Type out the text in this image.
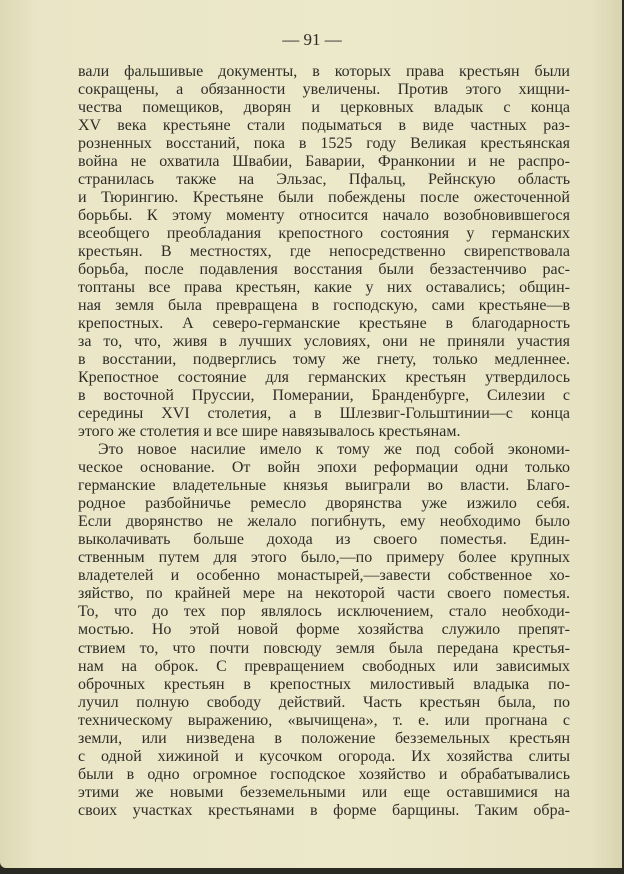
— 91 —
вали фальшивые документы, в которых права крестьян были
сокращены, а обязанности увеличены. Против этого хищни-
чества помещиков, дворян и церковных владык с конца
XV века крестьяне стали подыматься в виде частных раз-
розненных восстаний, пока в 1525 году Великая крестьянская
война не охватила Швабии, Баварии, Франконии и не распро-
странилась также на Эльзас, Пфальц, Рейнскую область
и Тюрингию. Крестьяне были побеждены после ожесточенной
борьбы. К этому моменту относится начало возобновившегося
всеобщего преобладания крепостного состояния у германских
крестьян. В местностях, где непосредственно свирепствовала
борьба, после подавления восстания были беззастенчиво рас-
топтаны все права крестьян, какие у них оставались; общин-
ная земля была превращена в господскую, сами крестьяне—в
крепостных. А северо-германские крестьяне в благодарность
за то, что, живя в лучших условиях, они не приняли участия
в восстании, подверглись тому же гнету, только медленнее.
Крепостное состояние для германских крестьян утвердилось
в восточной Пруссии, Померании, Бранденбурге, Силезии с
середины XVI столетия, а в Шлезвиг-Гольштинии—с конца
этого же столетия и все шире навязывалось крестьянам.
Это новое насилие имело к тому же под собой экономи-
ческое основание. От войн эпохи реформации одни только
германские владетельные князья выиграли во власти. Благо-
родное разбойничье ремесло дворянства уже изжило себя.
Если дворянство не желало погибнуть, ему необходимо было
выколачивать больше дохода из своего поместья. Един-
ственным путем для этого было,—по примеру более крупных
владетелей и особенно монастырей,—завести собственное хо-
зяйство, по крайней мере на некоторой части своего поместья.
То, что до тех пор являлось исключением, стало необходи-
мостью. Но этой новой форме хозяйства служило препят-
ствием то, что почти повсюду земля была передана крестья-
нам на оброк. С превращением свободных или зависимых
оброчных крестьян в крепостных милостивый владыка по-
лучил полную свободу действий. Часть крестьян была, по
техническому выражению, «вычищена», т. е. или прогнана с
земли, или низведена в положение безземельных крестьян
с одной хижиной и кусочком огорода. Их хозяйства слиты
были в одно огромное господское хозяйство и обрабатывались
этими же новыми безземельными или еще оставшимися на
своих участках крестьянами в форме барщины. Таким обра-
